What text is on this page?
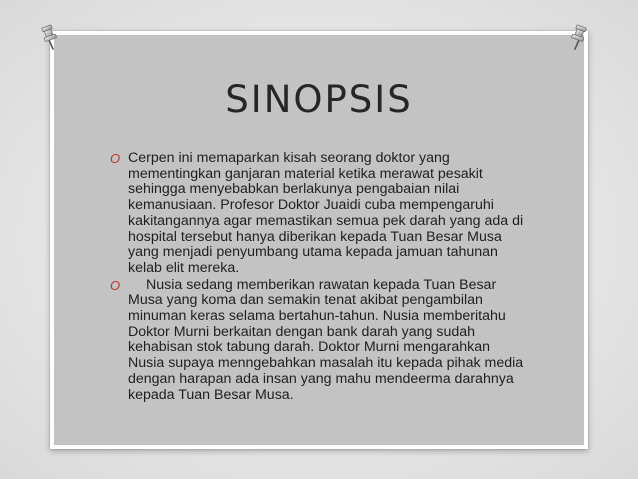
SINOPSIS
O Cerpen ini memaparkan kisah seorang doktor yang mementingkan ganjaran material ketika merawat pesakit sehingga menyebabkan berlakunya pengabaian nilai kemanusiaan. Profesor Doktor Juaidi cuba mempengaruhi kakitangannya agar memastikan semua pek darah yang ada di hospital tersebut hanya diberikan kepada Tuan Besar Musa yang menjadi penyumbang utama kepada jamuan tahunan kelab elit mereka.
O Nusia sedang memberikan rawatan kepada Tuan Besar Musa yang koma dan semakin tenat akibat pengambilan minuman keras selama bertahun-tahun. Nusia memberitahu Doktor Murni berkaitan dengan bank darah yang sudah kehabisan stok tabung darah. Doktor Murni mengarahkan Nusia supaya menngebahkan masalah itu kepada pihak media dengan harapan ada insan yang mahu mendeerma darahnya kepada Tuan Besar Musa.
